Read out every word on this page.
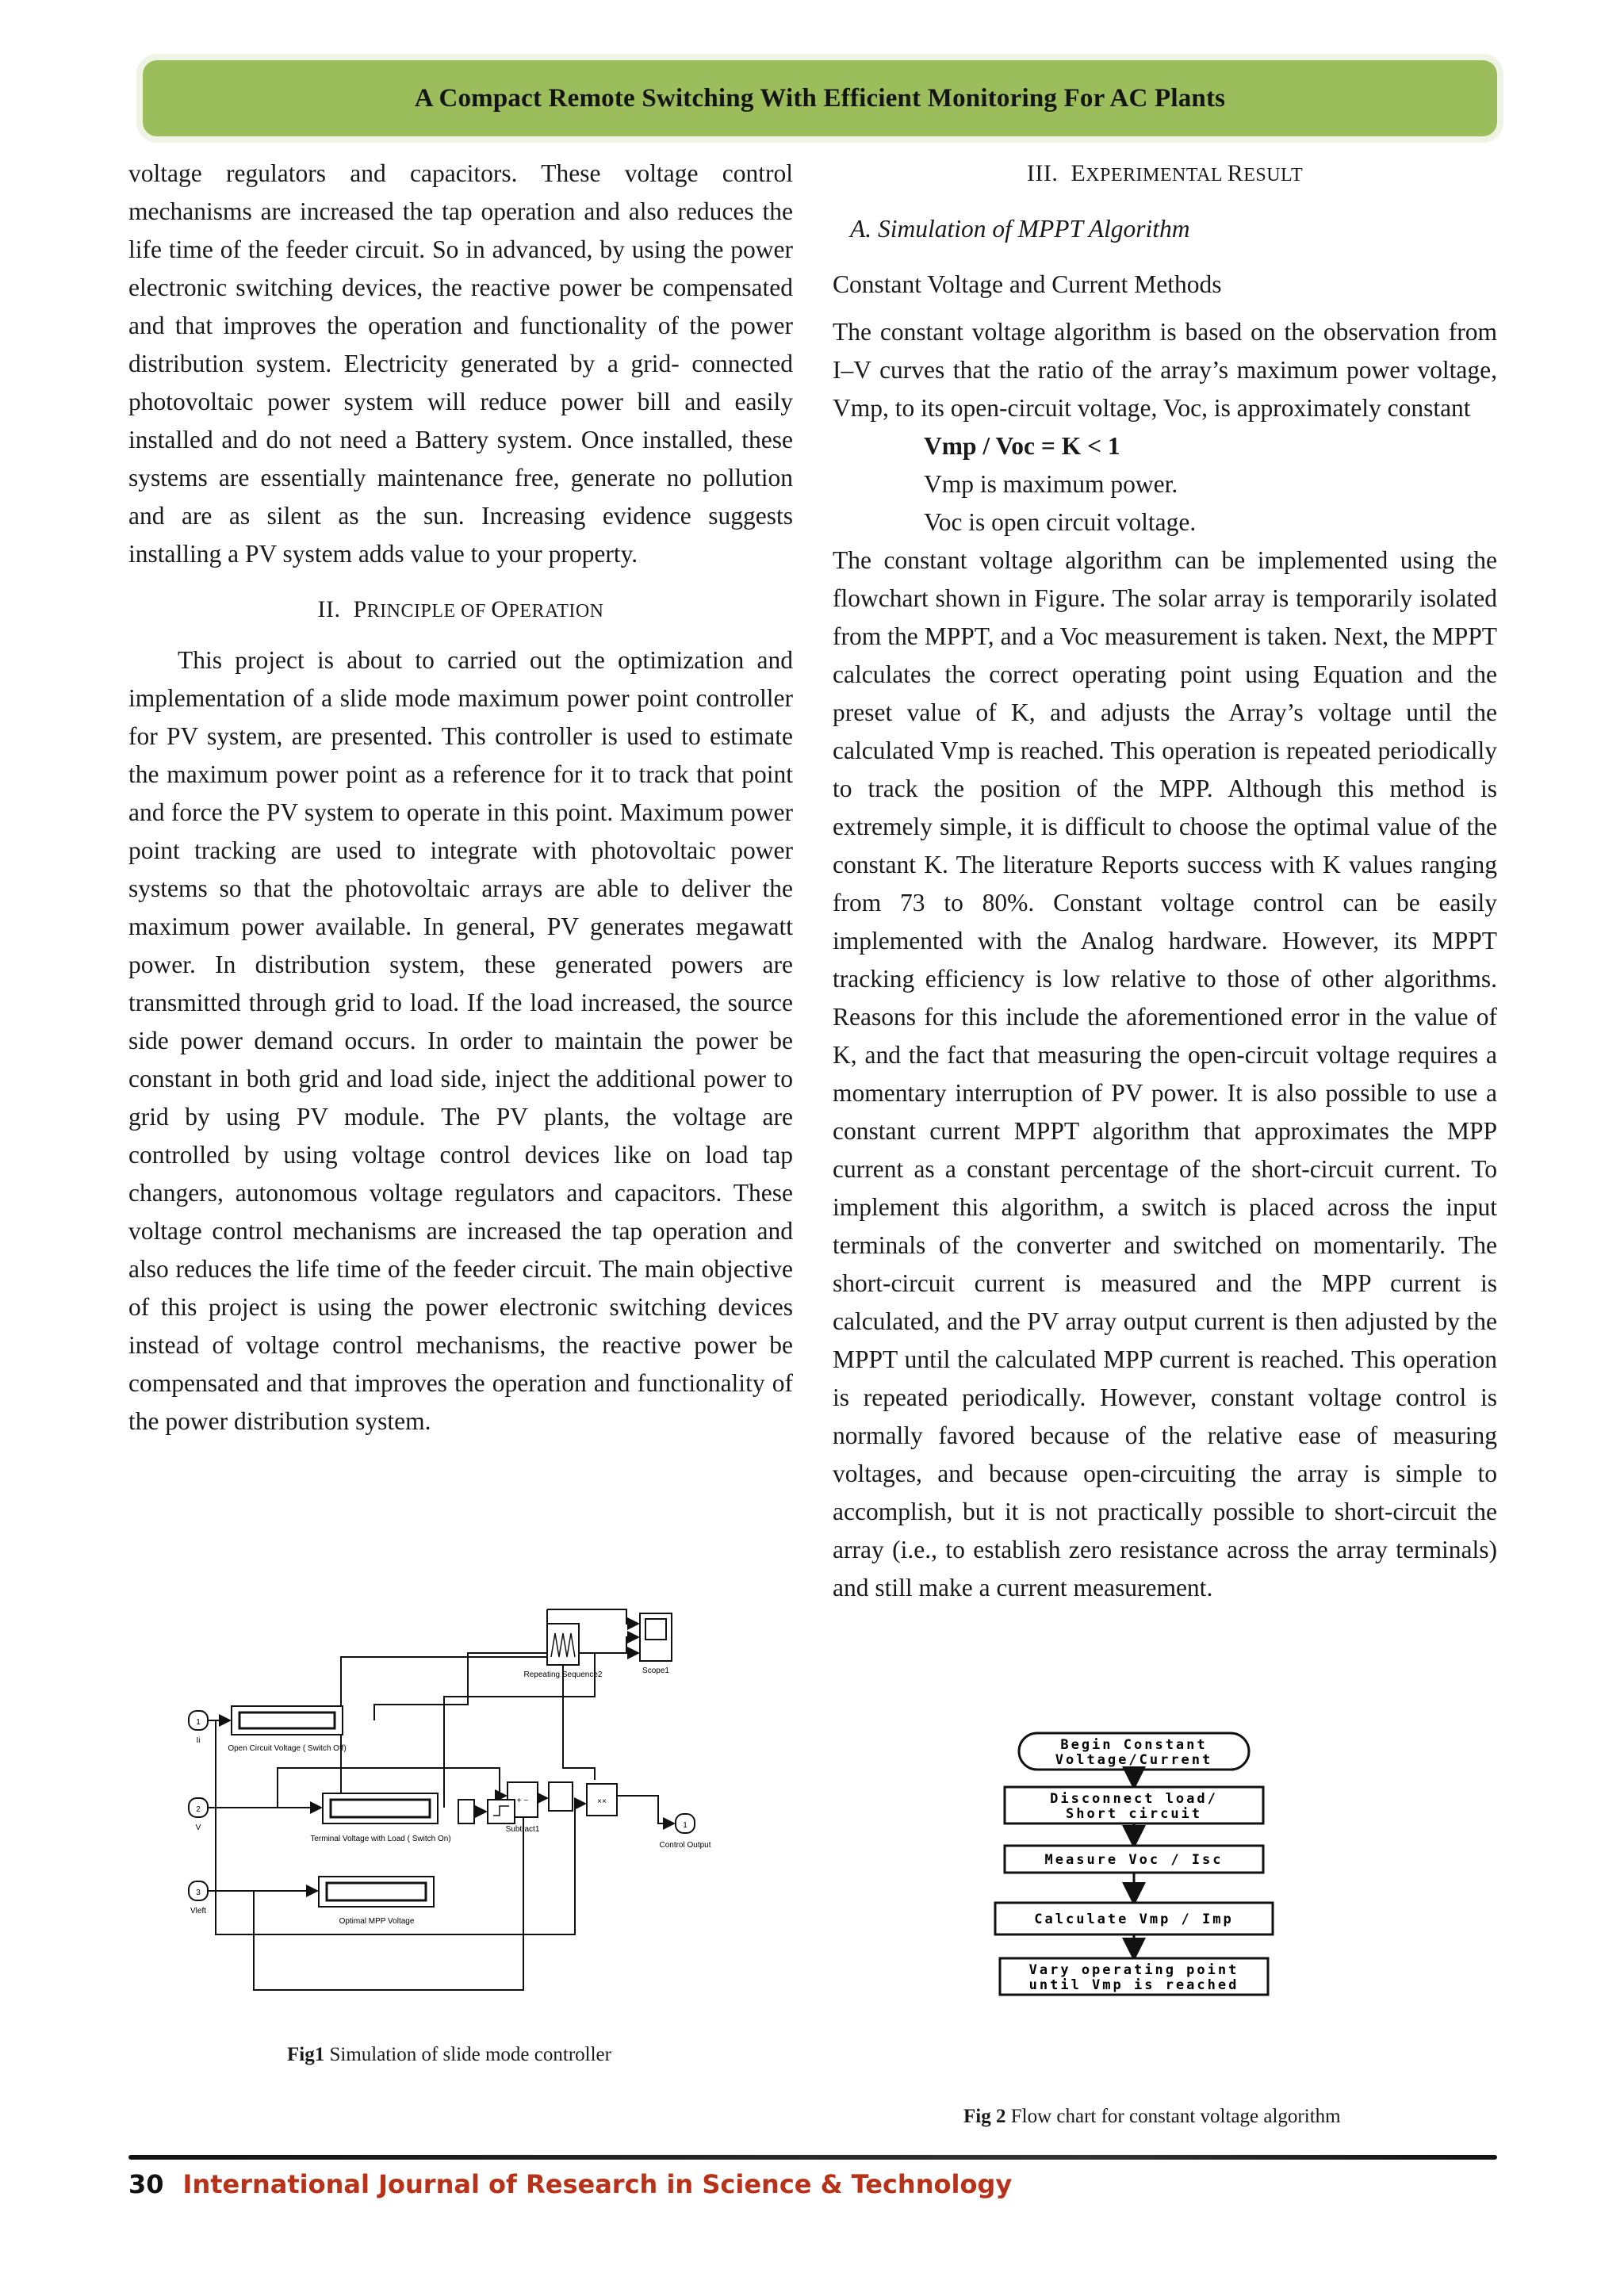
A Compact Remote Switching With Efficient Monitoring For AC Plants

voltage regulators and capacitors. These voltage control mechanisms are increased the tap operation and also reduces the life time of the feeder circuit. So in advanced, by using the power electronic switching devices, the reactive power be compensated and that improves the operation and functionality of the power distribution system. Electricity generated by a grid- connected photovoltaic power system will reduce power bill and easily installed and do not need a Battery system. Once installed, these systems are essentially maintenance free, generate no pollution and are as silent as the sun. Increasing evidence suggests installing a PV system adds value to your property.

II. PRINCIPLE OF OPERATION

This project is about to carried out the optimization and implementation of a slide mode maximum power point controller for PV system, are presented. This controller is used to estimate the maximum power point as a reference for it to track that point and force the PV system to operate in this point. Maximum power point tracking are used to integrate with photovoltaic power systems so that the photovoltaic arrays are able to deliver the maximum power available. In general, PV generates megawatt power. In distribution system, these generated powers are transmitted through grid to load. If the load increased, the source side power demand occurs. In order to maintain the power be constant in both grid and load side, inject the additional power to grid by using PV module. The PV plants, the voltage are controlled by using voltage control devices like on load tap changers, autonomous voltage regulators and capacitors. These voltage control mechanisms are increased the tap operation and also reduces the life time of the feeder circuit. The main objective of this project is using the power electronic switching devices instead of voltage control mechanisms, the reactive power be compensated and that improves the operation and functionality of the power distribution system.

III. EXPERIMENTAL RESULT

A. Simulation of MPPT Algorithm

Constant Voltage and Current Methods

The constant voltage algorithm is based on the observation from I–V curves that the ratio of the array’s maximum power voltage, Vmp, to its open-circuit voltage, Voc, is approximately constant

Vmp / Voc = K < 1

Vmp is maximum power.

Voc is open circuit voltage.

The constant voltage algorithm can be implemented using the flowchart shown in Figure. The solar array is temporarily isolated from the MPPT, and a Voc measurement is taken. Next, the MPPT calculates the correct operating point using Equation and the preset value of K, and adjusts the Array’s voltage until the calculated Vmp is reached. This operation is repeated periodically to track the position of the MPP. Although this method is extremely simple, it is difficult to choose the optimal value of the constant K. The literature Reports success with K values ranging from 73 to 80%. Constant voltage control can be easily implemented with the Analog hardware. However, its MPPT tracking efficiency is low relative to those of other algorithms. Reasons for this include the aforementioned error in the value of K, and the fact that measuring the open-circuit voltage requires a momentary interruption of PV power. It is also possible to use a constant current MPPT algorithm that approximates the MPP current as a constant percentage of the short-circuit current. To implement this algorithm, a switch is placed across the input terminals of the converter and switched on momentarily. The short-circuit current is measured and the MPP current is calculated, and the PV array output current is then adjusted by the MPPT until the calculated MPP current is reached. This operation is repeated periodically. However, constant voltage control is normally favored because of the relative ease of measuring voltages, and because open-circuiting the array is simple to accomplish, but it is not practically possible to short-circuit the array (i.e., to establish zero resistance across the array terminals) and still make a current measurement.

1
Ii
2
V
3
Vleft
Open Circuit Voltage ( Switch Off)
Terminal Voltage with Load ( Switch On)
Optimal MPP Voltage
Repeating Sequence2	Scope1
+ −
Subtract1
××
1
Control Output
Fig1 Simulation of slide mode controller
Begin Constant
Voltage/Current
Disconnect load/
Short circuit
Measure Voc / Isc
Calculate Vmp / Imp
Vary operating point
until Vmp is reached
Fig 2 Flow chart for constant voltage algorithm
30 International Journal of Research in Science & Technology
